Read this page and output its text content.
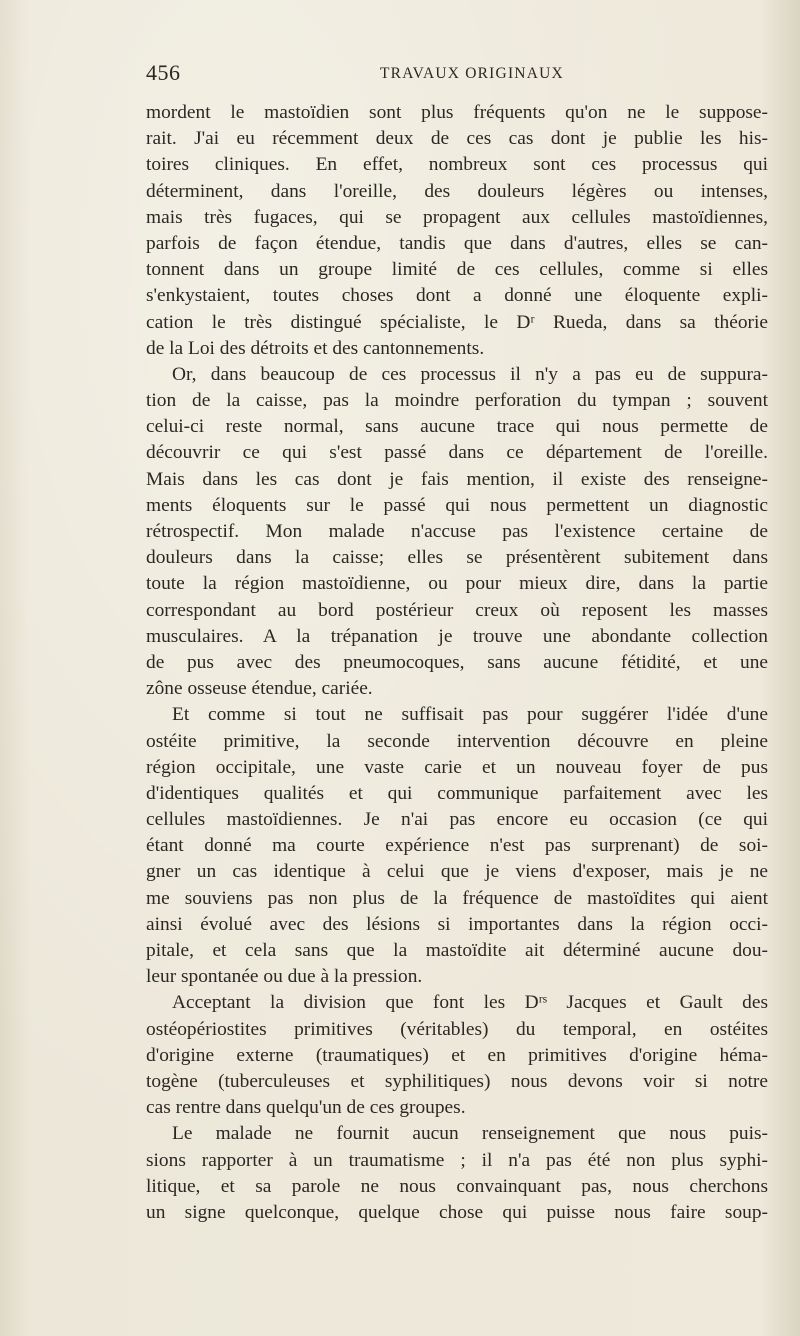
456	TRAVAUX ORIGINAUX
mordent le mastoïdien sont plus fréquents qu'on ne le suppose-
rait. J'ai eu récemment deux de ces cas dont je publie les his-
toires cliniques. En effet, nombreux sont ces processus qui
déterminent, dans l'oreille, des douleurs légères ou intenses,
mais très fugaces, qui se propagent aux cellules mastoïdiennes,
parfois de façon étendue, tandis que dans d'autres, elles se can-
tonnent dans un groupe limité de ces cellules, comme si elles
s'enkystaient, toutes choses dont a donné une éloquente expli-
cation le très distingué spécialiste, le Dʳ Rueda, dans sa théorie
de la Loi des détroits et des cantonnements.
Or, dans beaucoup de ces processus il n'y a pas eu de suppura-
tion de la caisse, pas la moindre perforation du tympan ; souvent
celui-ci reste normal, sans aucune trace qui nous permette de
découvrir ce qui s'est passé dans ce département de l'oreille.
Mais dans les cas dont je fais mention, il existe des renseigne-
ments éloquents sur le passé qui nous permettent un diagnostic
rétrospectif. Mon malade n'accuse pas l'existence certaine de
douleurs dans la caisse; elles se présentèrent subitement dans
toute la région mastoïdienne, ou pour mieux dire, dans la partie
correspondant au bord postérieur creux où reposent les masses
musculaires. A la trépanation je trouve une abondante collection
de pus avec des pneumocoques, sans aucune fétidité, et une
zône osseuse étendue, cariée.
Et comme si tout ne suffisait pas pour suggérer l'idée d'une
ostéite primitive, la seconde intervention découvre en pleine
région occipitale, une vaste carie et un nouveau foyer de pus
d'identiques qualités et qui communique parfaitement avec les
cellules mastoïdiennes. Je n'ai pas encore eu occasion (ce qui
étant donné ma courte expérience n'est pas surprenant) de soi-
gner un cas identique à celui que je viens d'exposer, mais je ne
me souviens pas non plus de la fréquence de mastoïdites qui aient
ainsi évolué avec des lésions si importantes dans la région occi-
pitale, et cela sans que la mastoïdite ait déterminé aucune dou-
leur spontanée ou due à la pression.
Acceptant la division que font les Dʳˢ Jacques et Gault des
ostéopériostites primitives (véritables) du temporal, en ostéites
d'origine externe (traumatiques) et en primitives d'origine héma-
togène (tuberculeuses et syphilitiques) nous devons voir si notre
cas rentre dans quelqu'un de ces groupes.
Le malade ne fournit aucun renseignement que nous puis-
sions rapporter à un traumatisme ; il n'a pas été non plus syphi-
litique, et sa parole ne nous convainquant pas, nous cherchons
un signe quelconque, quelque chose qui puisse nous faire soup-
